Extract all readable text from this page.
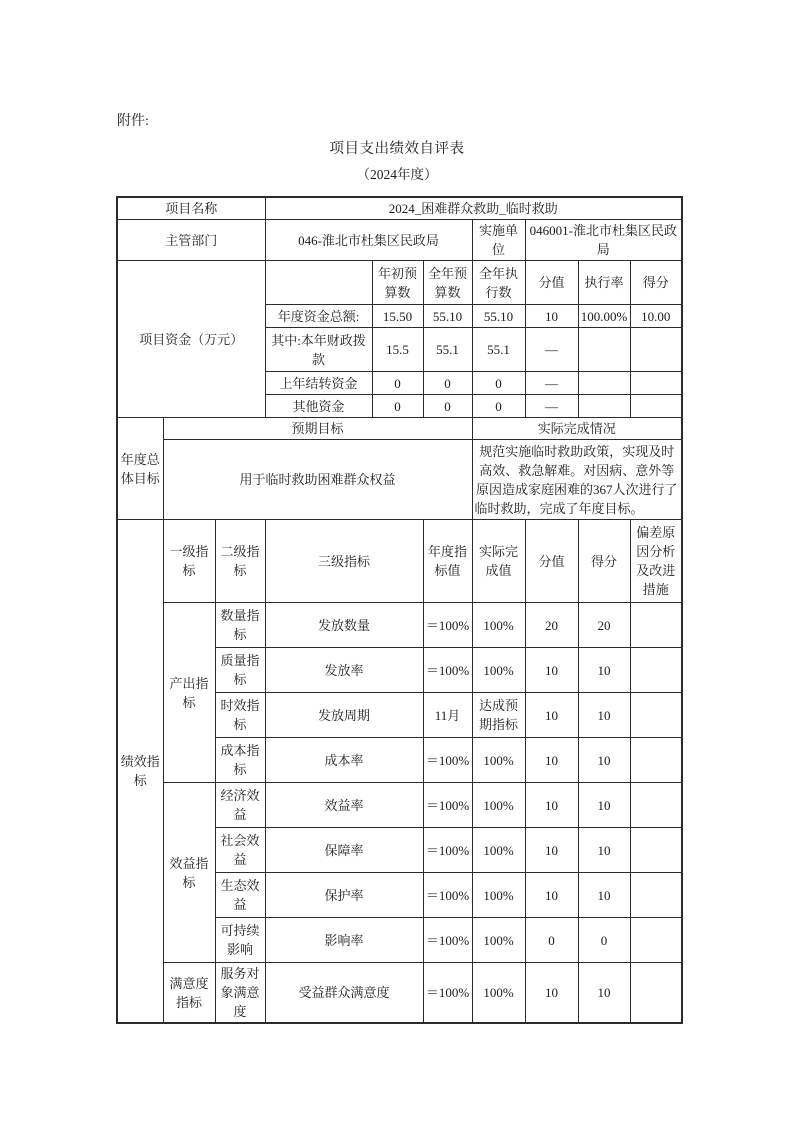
附件:
项目支出绩效自评表
（2024年度）
项目名称			2024_困难群众救助_临时救助						
主管部门			046-淮北市杜集区民政局			实施单位	046001-淮北市杜集区民政局		
项目资金（万元）				年初预算数	全年预算数	全年执行数	分值	执行率	得分
			年度资金总额:	15.50	55.10	55.10	10	100.00%	10.00
			其中:本年财政拨款	15.5	55.1	55.1	—		
			上年结转资金	0	0	0	—		
			其他资金	0	0	0	—		
年度总体目标	预期目标					实际完成情况			
	用于临时救助困难群众权益					规范实施临时救助政策，实现及时高效、救急解难。对因病、意外等原因造成家庭困难的367人次进行了临时救助，完成了年度目标。			
绩效指标	一级指标	二级指标	三级指标		年度指标值	实际完成值	分值	得分	偏差原因分析及改进措施
	产出指标	数量指标	发放数量		＝100%	100%	20	20	
		质量指标	发放率		＝100%	100%	10	10	
		时效指标	发放周期		11月	达成预期指标	10	10	
		成本指标	成本率		＝100%	100%	10	10	
	效益指标	经济效益	效益率		＝100%	100%	10	10	
		社会效益	保障率		＝100%	100%	10	10	
		生态效益	保护率		＝100%	100%	10	10	
		可持续影响	影响率		＝100%	100%	0	0	
	满意度指标	服务对象满意度	受益群众满意度		＝100%	100%	10	10	
